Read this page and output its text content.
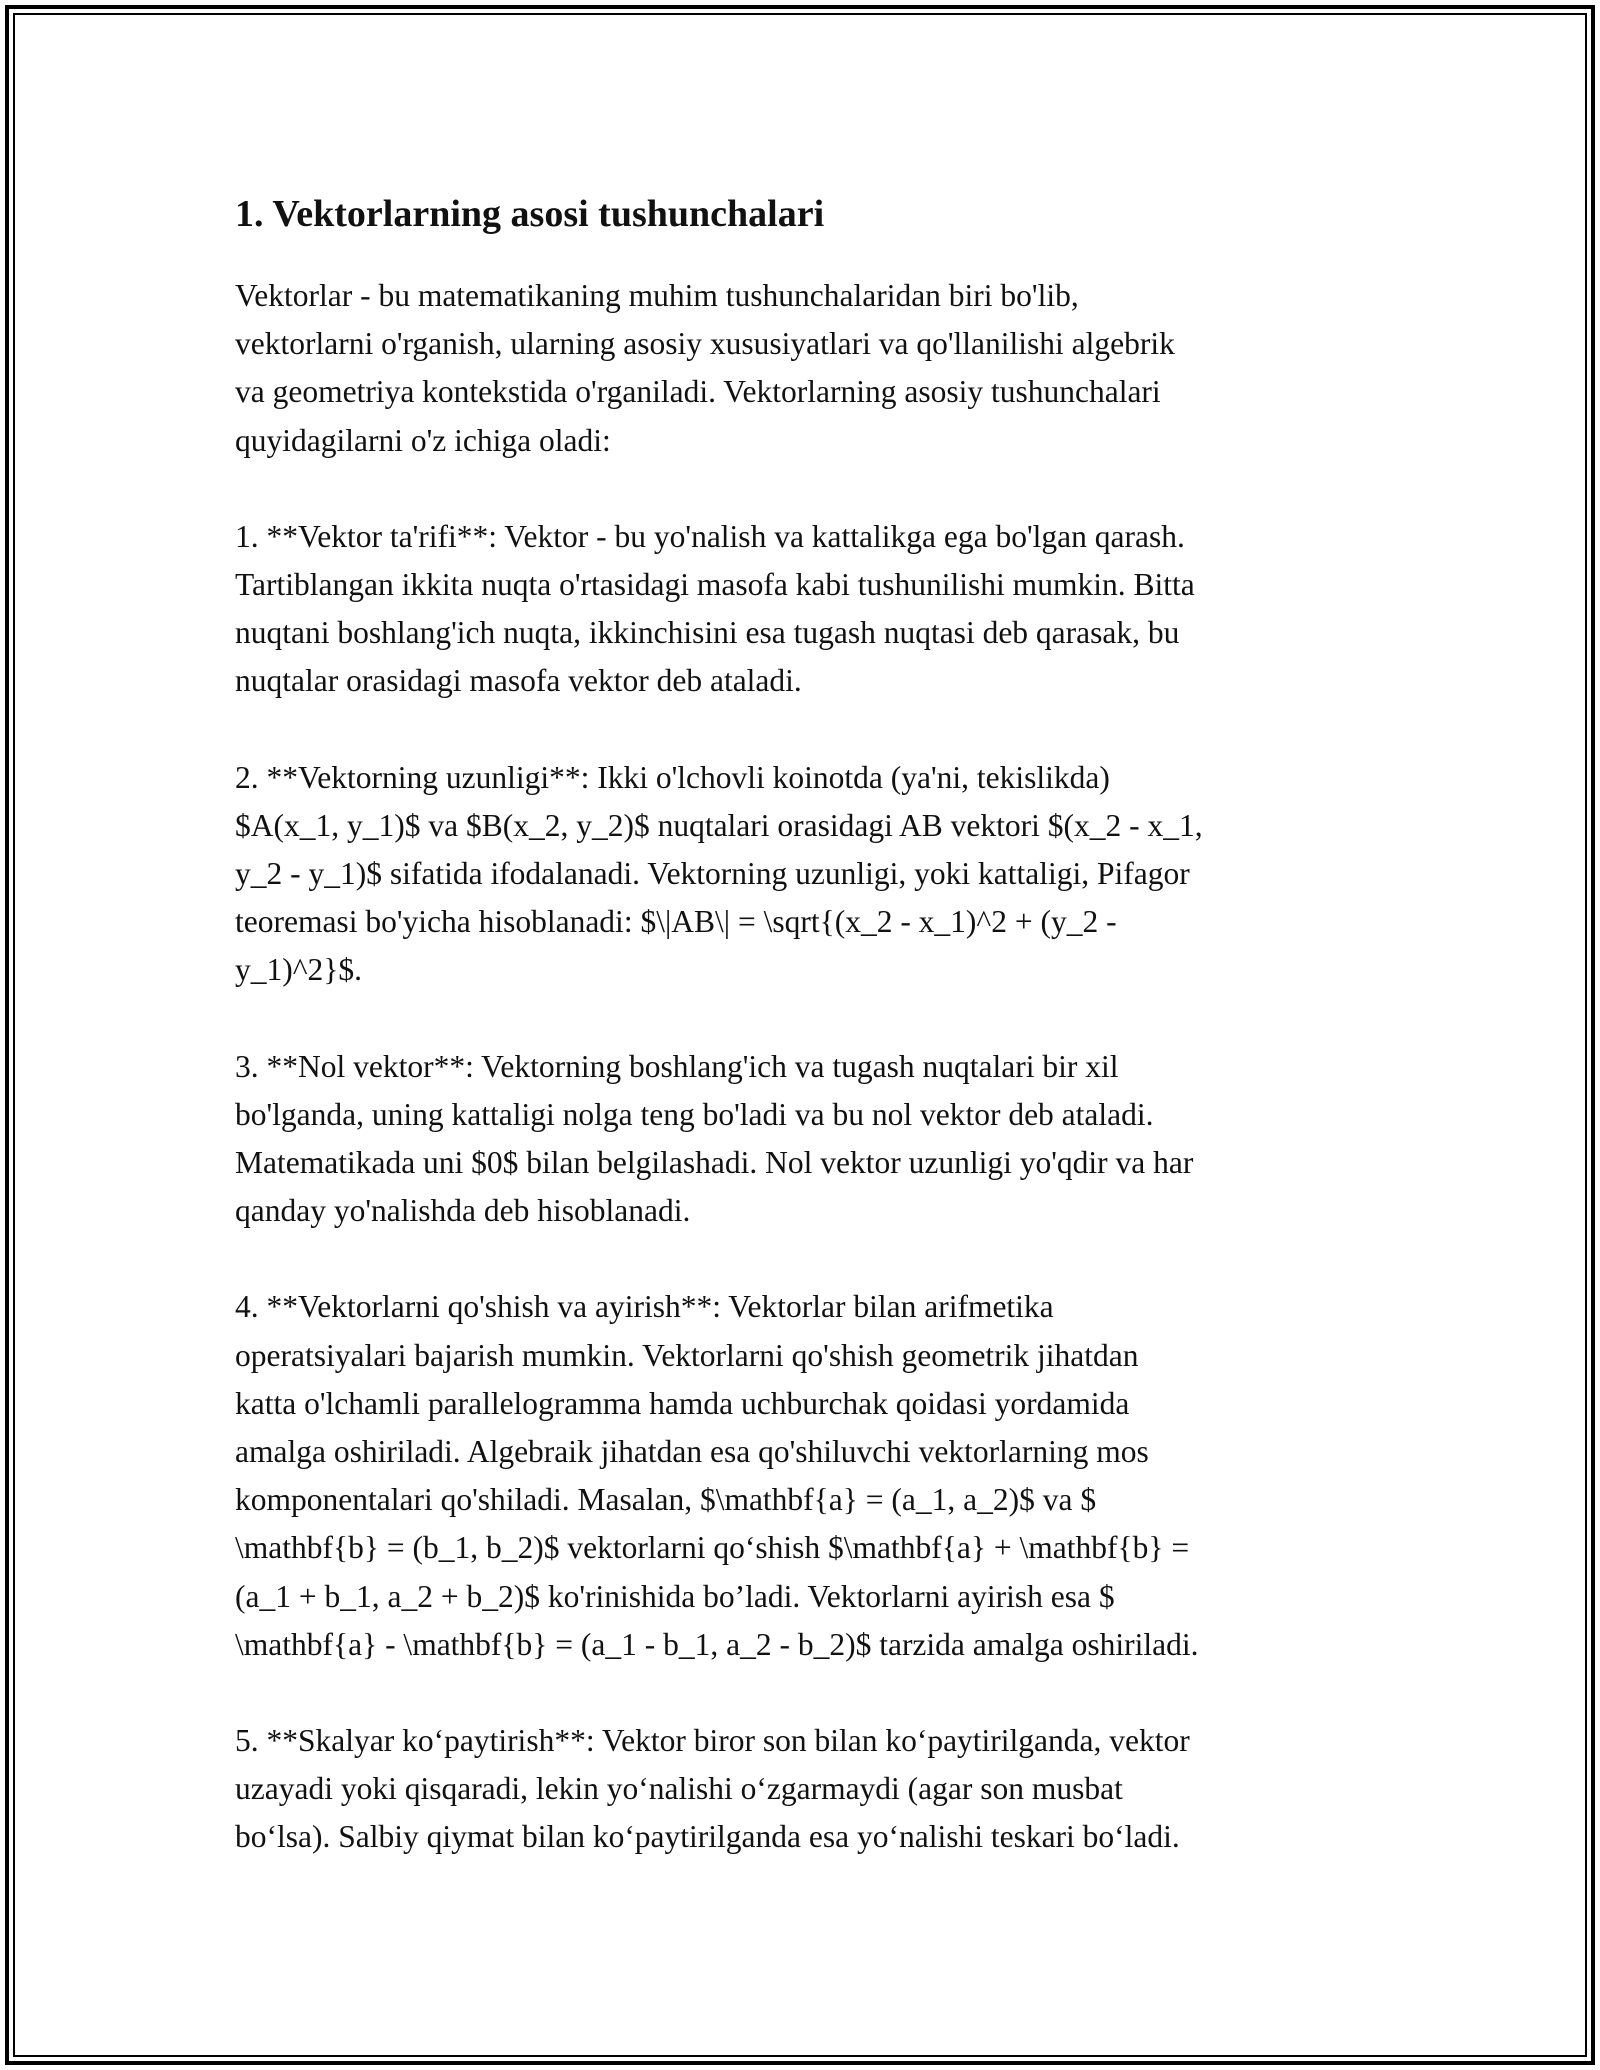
1. Vektorlarning asosi tushunchalari

Vektorlar - bu matematikaning muhim tushunchalaridan biri bo'lib,
vektorlarni o'rganish, ularning asosiy xususiyatlari va qo'llanilishi algebrik
va geometriya kontekstida o'rganiladi. Vektorlarning asosiy tushunchalari
quyidagilarni o'z ichiga oladi:

1. **Vektor ta'rifi**: Vektor - bu yo'nalish va kattalikga ega bo'lgan qarash.
Tartiblangan ikkita nuqta o'rtasidagi masofa kabi tushunilishi mumkin. Bitta
nuqtani boshlang'ich nuqta, ikkinchisini esa tugash nuqtasi deb qarasak, bu
nuqtalar orasidagi masofa vektor deb ataladi.

2. **Vektorning uzunligi**: Ikki o'lchovli koinotda (ya'ni, tekislikda)
$A(x_1, y_1)$ va $B(x_2, y_2)$ nuqtalari orasidagi AB vektori $(x_2 - x_1,
y_2 - y_1)$ sifatida ifodalanadi. Vektorning uzunligi, yoki kattaligi, Pifagor
teoremasi bo'yicha hisoblanadi: $\|AB\| = \sqrt{(x_2 - x_1)^2 + (y_2 -
y_1)^2}$.

3. **Nol vektor**: Vektorning boshlang'ich va tugash nuqtalari bir xil
bo'lganda, uning kattaligi nolga teng bo'ladi va bu nol vektor deb ataladi.
Matematikada uni $0$ bilan belgilashadi. Nol vektor uzunligi yo'qdir va har
qanday yo'nalishda deb hisoblanadi.

4. **Vektorlarni qo'shish va ayirish**: Vektorlar bilan arifmetika
operatsiyalari bajarish mumkin. Vektorlarni qo'shish geometrik jihatdan
katta o'lchamli parallelogramma hamda uchburchak qoidasi yordamida
amalga oshiriladi. Algebraik jihatdan esa qo'shiluvchi vektorlarning mos
komponentalari qo'shiladi. Masalan, $\mathbf{a} = (a_1, a_2)$ va $
\mathbf{b} = (b_1, b_2)$ vektorlarni qo‘shish $\mathbf{a} + \mathbf{b} =
(a_1 + b_1, a_2 + b_2)$ ko'rinishida bo’ladi. Vektorlarni ayirish esa $
\mathbf{a} - \mathbf{b} = (a_1 - b_1, a_2 - b_2)$ tarzida amalga oshiriladi.

5. **Skalyar ko‘paytirish**: Vektor biror son bilan ko‘paytirilganda, vektor
uzayadi yoki qisqaradi, lekin yo‘nalishi o‘zgarmaydi (agar son musbat
bo‘lsa). Salbiy qiymat bilan ko‘paytirilganda esa yo‘nalishi teskari bo‘ladi.
